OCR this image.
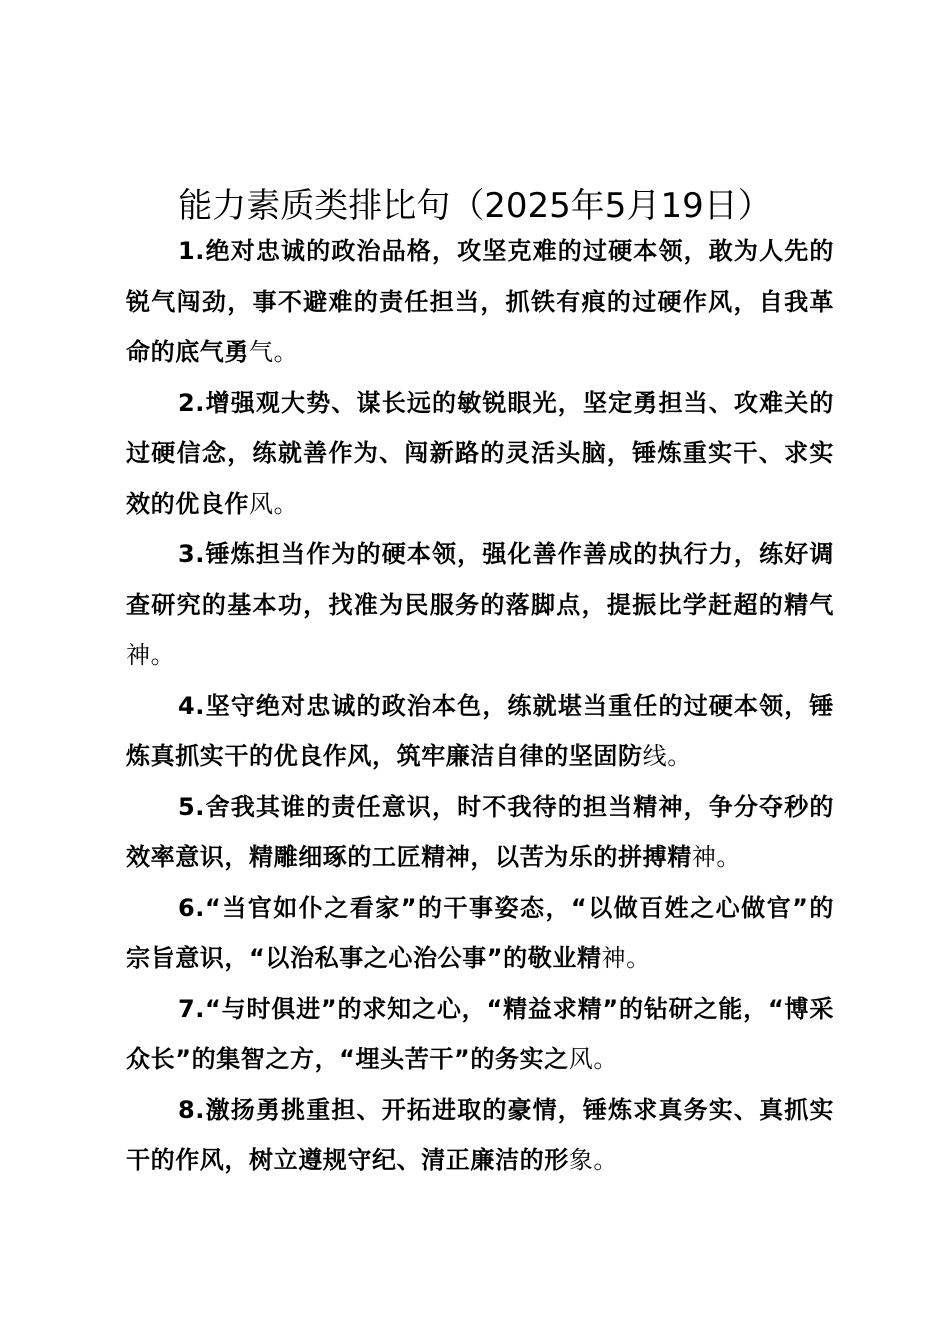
能力素质类排比句（2025年5月19日）

1.绝对忠诚的政治品格，攻坚克难的过硬本领，敢为人先的锐气闯劲，事不避难的责任担当，抓铁有痕的过硬作风，自我革命的底气勇气。

2.增强观大势、谋长远的敏锐眼光，坚定勇担当、攻难关的过硬信念，练就善作为、闯新路的灵活头脑，锤炼重实干、求实效的优良作风。

3.锤炼担当作为的硬本领，强化善作善成的执行力，练好调查研究的基本功，找准为民服务的落脚点，提振比学赶超的精气神。

4.坚守绝对忠诚的政治本色，练就堪当重任的过硬本领，锤炼真抓实干的优良作风，筑牢廉洁自律的坚固防线。

5.舍我其谁的责任意识，时不我待的担当精神，争分夺秒的效率意识，精雕细琢的工匠精神，以苦为乐的拼搏精神。

6.“当官如仆之看家”的干事姿态，“以做百姓之心做官”的宗旨意识，“以治私事之心治公事”的敬业精神。

7.“与时俱进”的求知之心，“精益求精”的钻研之能，“博采众长”的集智之方，“埋头苦干”的务实之风。

8.激扬勇挑重担、开拓进取的豪情，锤炼求真务实、真抓实干的作风，树立遵规守纪、清正廉洁的形象。
